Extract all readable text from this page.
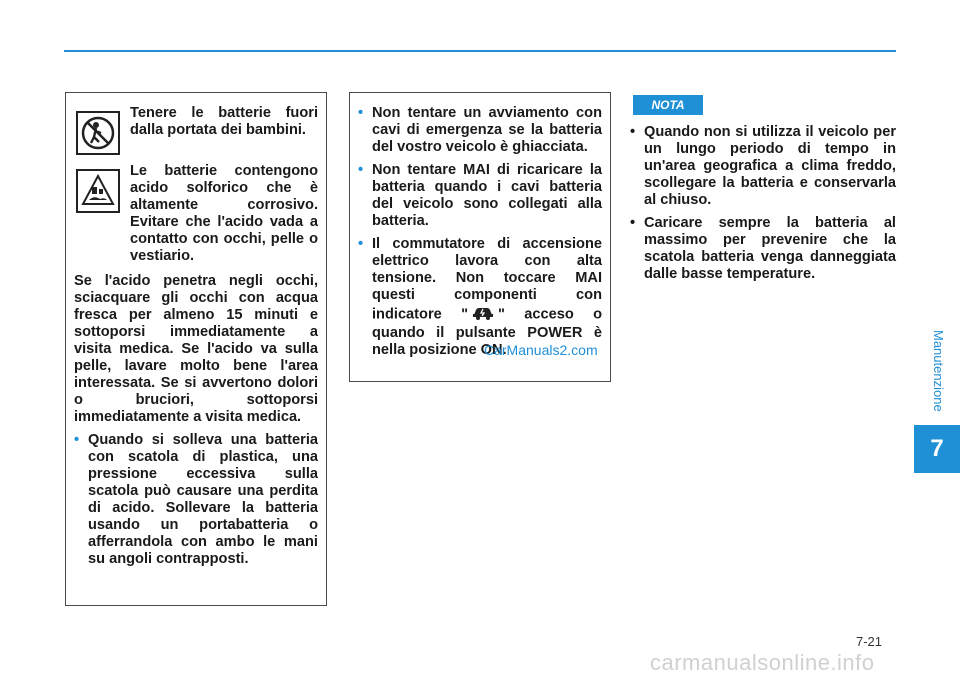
Manutenzione
7
Tenere le batterie fuori dalla portata dei bambini.
Le batterie contengono acido solforico che è altamente corrosivo. Evitare che l'acido vada a contatto con occhi, pelle o vestiario.
Se l'acido penetra negli occhi, sciacquare gli occhi con acqua fresca per almeno 15 minuti e sottoporsi immediatamente a visita medica. Se l'acido va sulla pelle, lavare molto bene l'area interessata. Se si avvertono dolori o bruciori, sottoporsi immediatamente a visita medica.
• Quando si solleva una batteria con scatola di plastica, una pressione eccessiva sulla scatola può causare una perdita di acido. Sollevare la batteria usando un portabatteria o afferrandola con ambo le mani su angoli contrapposti.
• Non tentare un avviamento con cavi di emergenza se la batteria del vostro veicolo è ghiacciata.
• Non tentare MAI di ricaricare la batteria quando i cavi batteria del veicolo sono collegati alla batteria.
• Il commutatore di accensione elettrico lavora con alta tensione. Non toccare MAI questi componenti con indicatore " " acceso o quando il pulsante POWER è nella posizione ON.
NOTA
• Quando non si utilizza il veicolo per un lungo periodo di tempo in un'area geografica a clima freddo, scollegare la batteria e conservarla al chiuso.
• Caricare sempre la batteria al massimo per prevenire che la scatola batteria venga danneggiata dalle basse temperature.
CarManuals2.com
7-21
carmanualsonline.info
